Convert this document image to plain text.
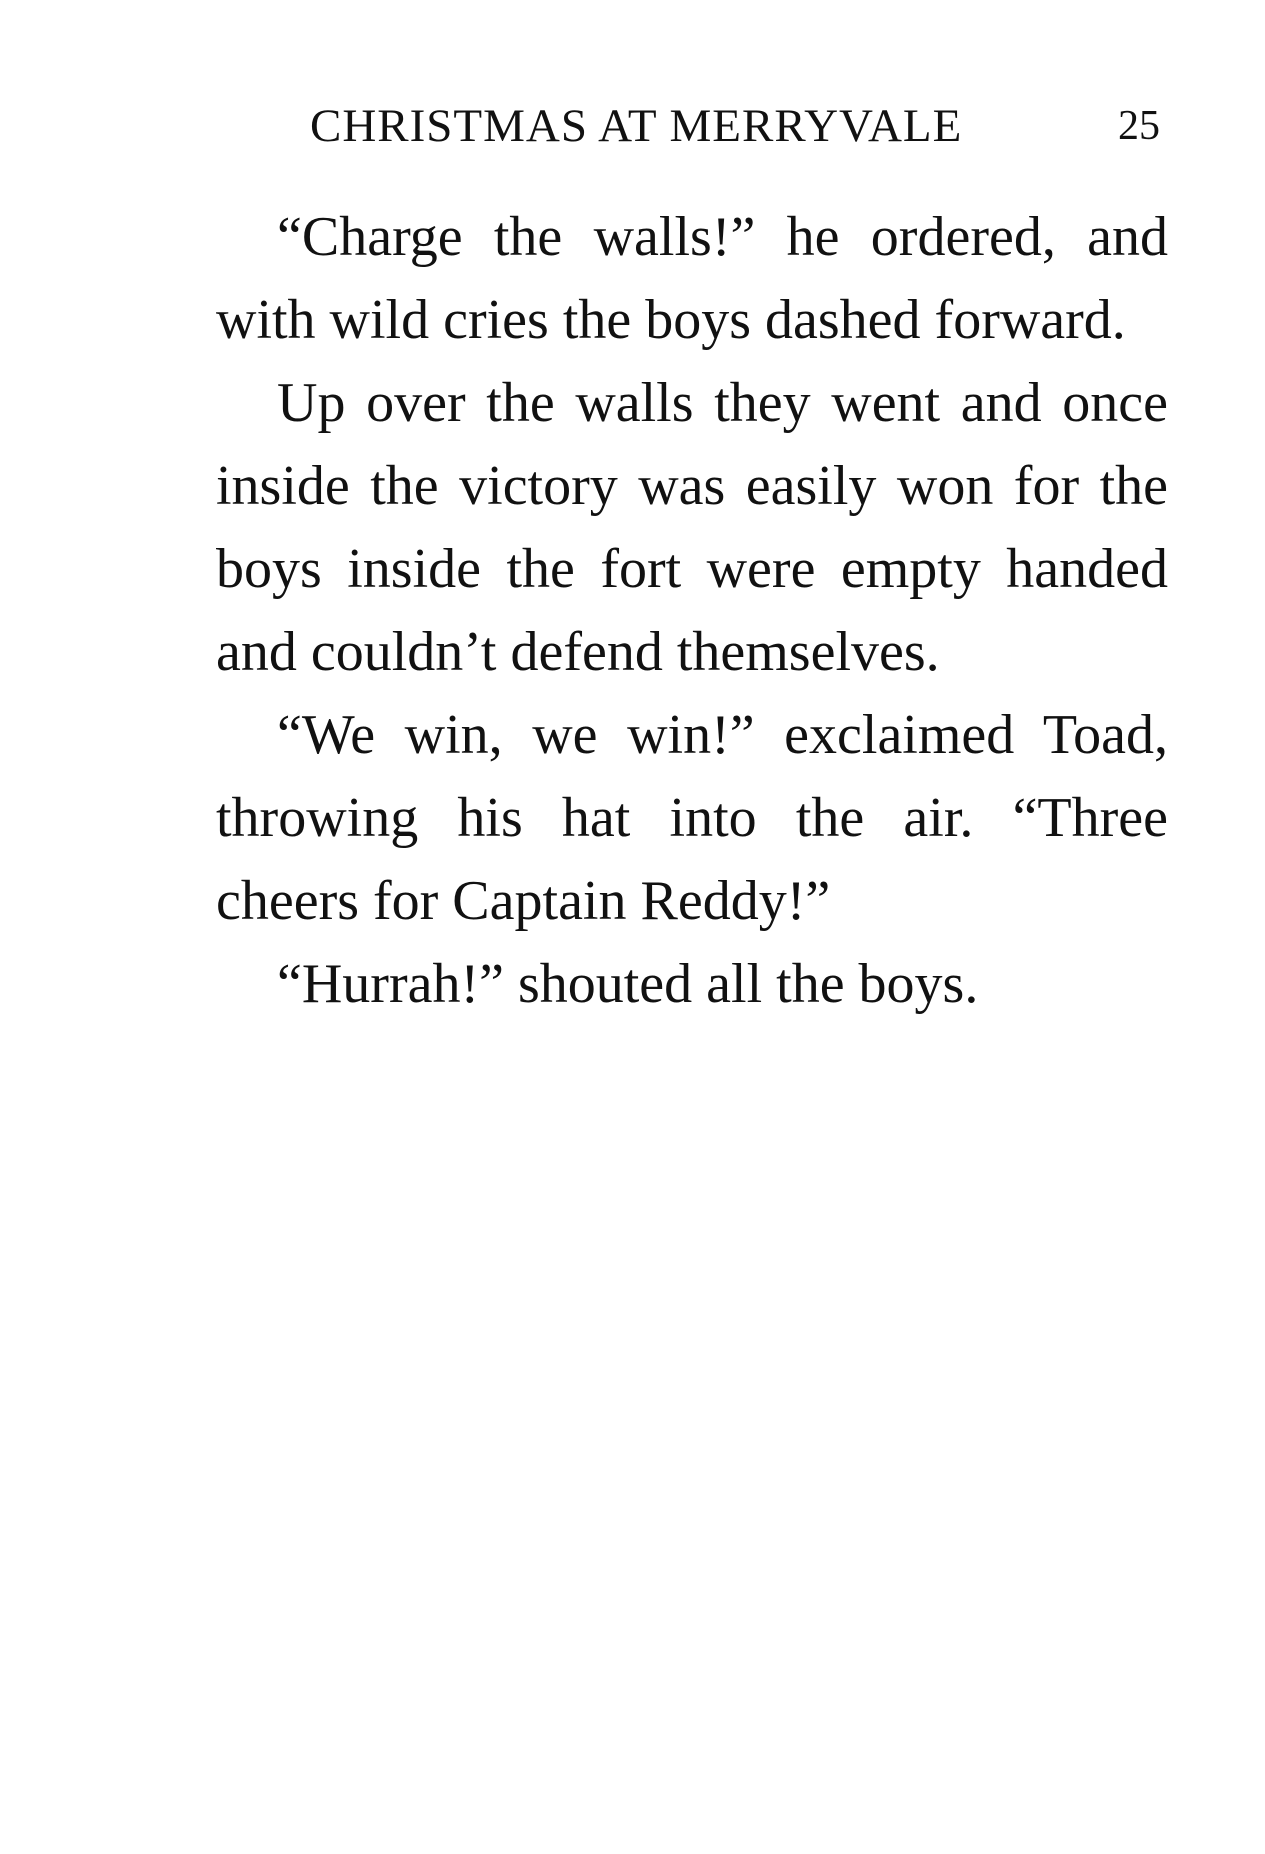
CHRISTMAS AT MERRYVALE	25

“Charge the walls!” he ordered, and with wild cries the boys dashed forward.

Up over the walls they went and once inside the victory was easily won for the boys inside the fort were empty handed and couldn’t defend themselves.

“We win, we win!” exclaimed Toad, throwing his hat into the air. “Three cheers for Captain Reddy!”

“Hurrah!” shouted all the boys.
